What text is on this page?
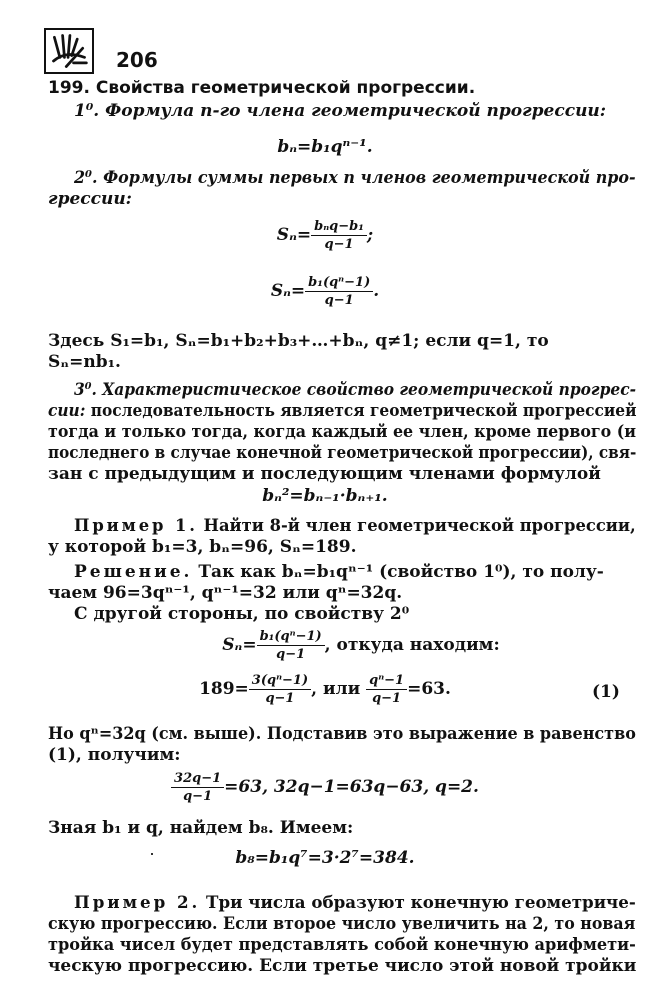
206
199. Свойства геометрической прогрессии.
1⁰. Формула n-го члена геометрической прогрессии:
bₙ=b₁qⁿ⁻¹.
2⁰. Формулы суммы первых n членов геометрической про-
грессии:
$S_n= \frac{\text{bₙq−b₁}}{q-1}$ ;
$S_n= \frac{\text{b₁(qⁿ−1)}}{q-1}$ .
Здесь S₁=b₁, Sₙ=b₁+b₂+b₃+…+bₙ, q≠1; если q=1, то
Sₙ=nb₁.
3⁰. Характеристическое свойство геометрической прогрес-
сии: последовательность является геометрической прогрессией
тогда и только тогда, когда каждый ее член, кроме первого (и
последнего в случае конечной геометрической прогрессии), свя-
зан с предыдущим и последующим членами формулой
bₙ²=bₙ₋₁·bₙ₊₁.
Пример 1. Найти 8-й член геометрической прогрессии,
у которой b₁=3, bₙ=96, Sₙ=189.
Решение. Так как bₙ=b₁qⁿ⁻¹ (свойство 1⁰), то полу-
чаем 96=3qⁿ⁻¹, qⁿ⁻¹=32 или qⁿ=32q.
С другой стороны, по свойству 2⁰
$S_n= \frac{\text{b₁(qⁿ−1)}}{q-1}$ , откуда находим:
$189= \frac{\text{3(qⁿ−1)}}{q-1}$ , или $\frac{\text{qⁿ−1}}{q-1} =63$.	(1)
Но qⁿ=32q (см. выше). Подставив это выражение в равенство
(1), получим:
$\frac{32q-1}{q-1} =63$, 32q−1=63q−63, q=2.
Зная b₁ и q, найдем b₈. Имеем:
b₈=b₁q⁷=3·2⁷=384.
Пример 2. Три числа образуют конечную геометриче-
скую прогрессию. Если второе число увеличить на 2, то новая
тройка чисел будет представлять собой конечную арифмети-
ческую прогрессию. Если третье число этой новой тройки
